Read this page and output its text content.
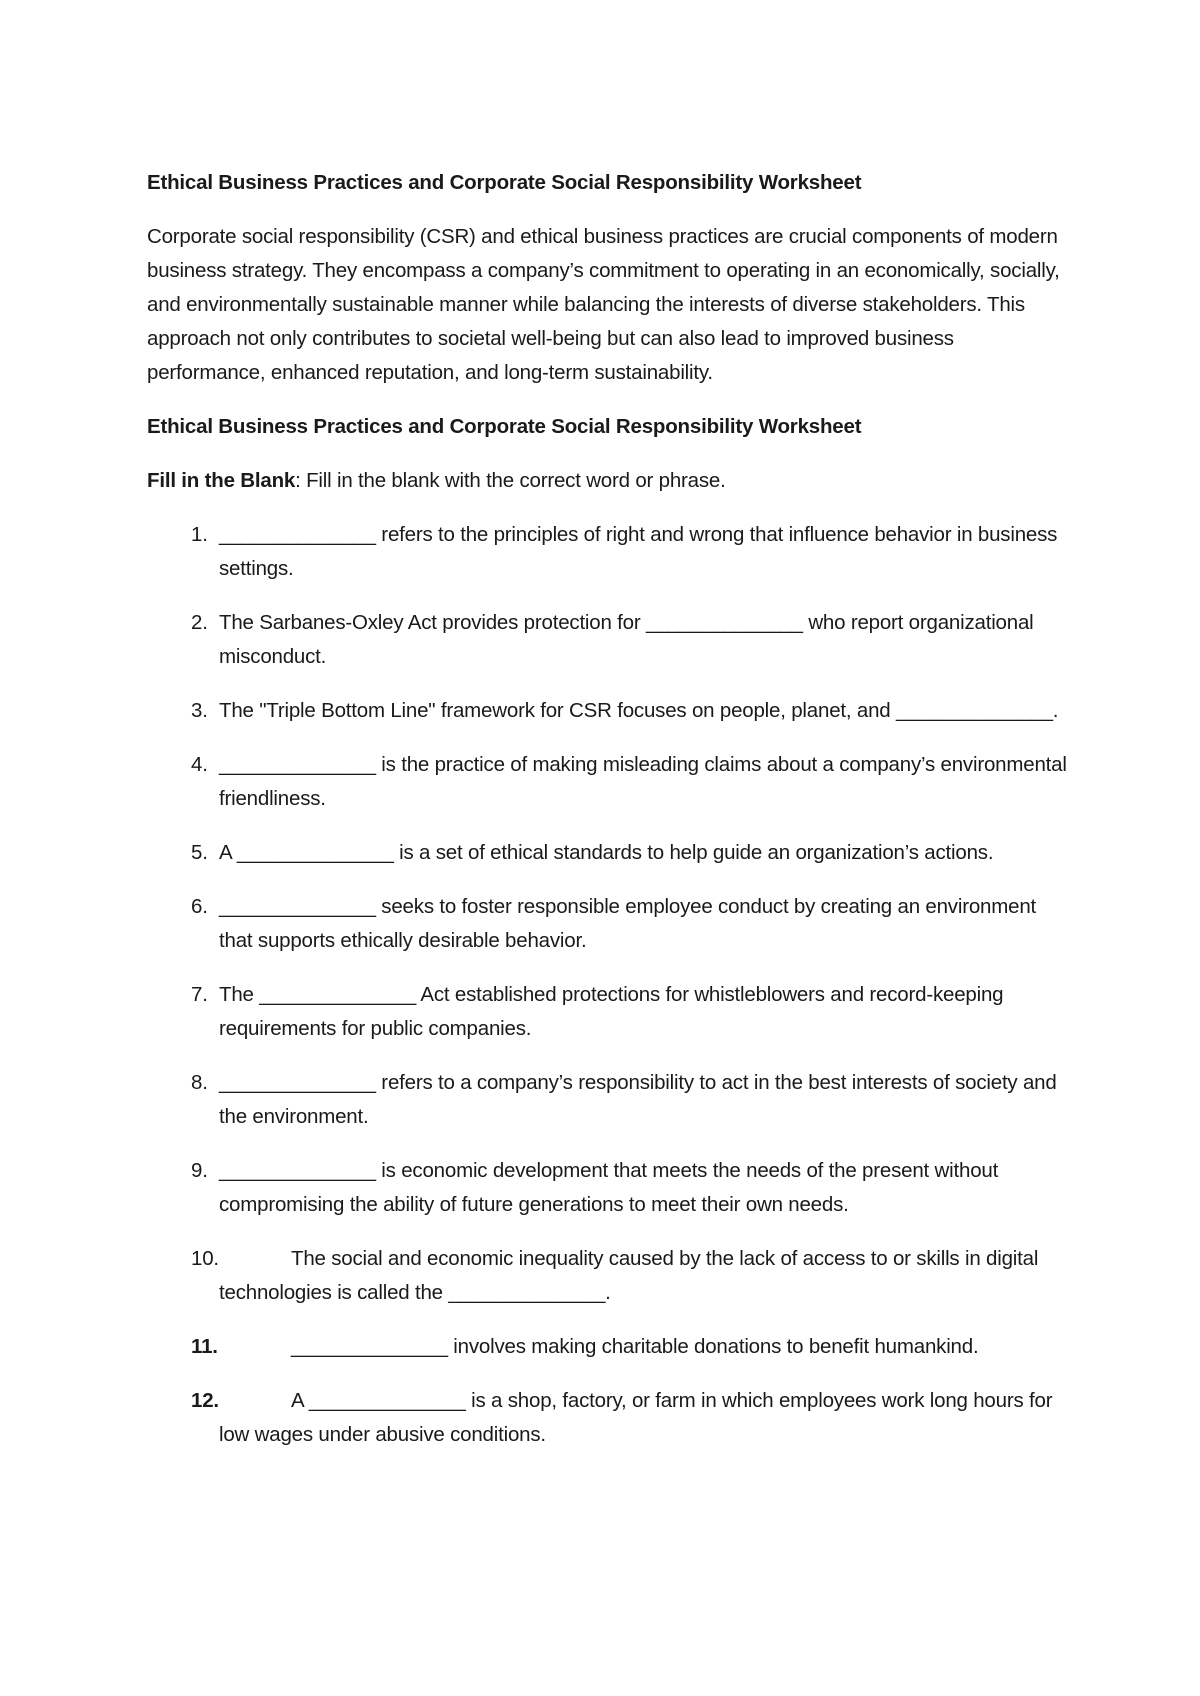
Ethical Business Practices and Corporate Social Responsibility Worksheet

Corporate social responsibility (CSR) and ethical business practices are crucial components of modern business strategy. They encompass a company’s commitment to operating in an economically, socially, and environmentally sustainable manner while balancing the interests of diverse stakeholders. This approach not only contributes to societal well-being but can also lead to improved business performance, enhanced reputation, and long-term sustainability.

Ethical Business Practices and Corporate Social Responsibility Worksheet

Fill in the Blank: Fill in the blank with the correct word or phrase.

1. ______________ refers to the principles of right and wrong that influence behavior in business settings.
2. The Sarbanes-Oxley Act provides protection for ______________ who report organizational misconduct.
3. The "Triple Bottom Line" framework for CSR focuses on people, planet, and ______________.
4. ______________ is the practice of making misleading claims about a company’s environmental friendliness.
5. A ______________ is a set of ethical standards to help guide an organization’s actions.
6. ______________ seeks to foster responsible employee conduct by creating an environment that supports ethically desirable behavior.
7. The ______________ Act established protections for whistleblowers and record-keeping requirements for public companies.
8. ______________ refers to a company’s responsibility to act in the best interests of society and the environment.
9. ______________ is economic development that meets the needs of the present without compromising the ability of future generations to meet their own needs.
10.	The social and economic inequality caused by the lack of access to or skills in digital technologies is called the ______________.
11.	______________ involves making charitable donations to benefit humankind.
12.	A ______________ is a shop, factory, or farm in which employees work long hours for low wages under abusive conditions.
